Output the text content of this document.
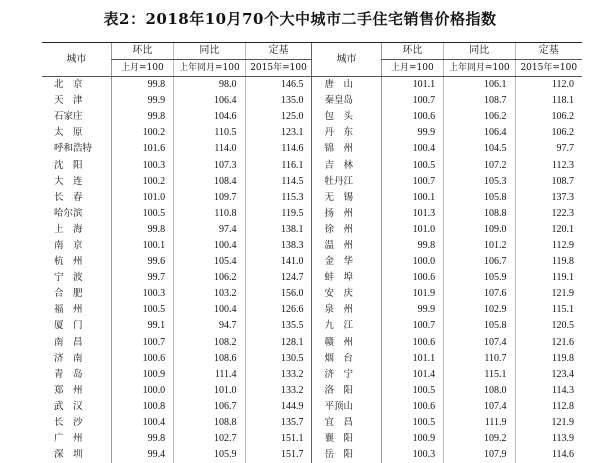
表2：2018年10月70个大中城市二手住宅销售价格指数
城市	环比	同比	定基	城市	环比	同比	定基
	上月=100	上年同月=100	2015年=100		上月=100	上年同月=100	2015年=100
北　京	99.8	98.0	146.5	唐　山	101.1	106.1	112.0
天　津	99.9	106.4	135.0	秦皇岛	100.7	108.7	118.1
石家庄	99.8	104.6	125.0	包　头	100.6	106.2	106.2
太　原	100.2	110.5	123.1	丹　东	99.9	106.4	106.2
呼和浩特	101.6	114.0	114.6	锦　州	100.4	104.5	97.7
沈　阳	100.3	107.3	116.1	吉　林	100.5	107.2	112.3
大　连	100.2	108.4	114.5	牡丹江	100.7	105.3	108.7
长　春	101.0	109.7	115.3	无　锡	100.1	105.8	137.3
哈尔滨	100.5	110.8	119.5	扬　州	101.3	108.8	122.3
上　海	99.8	97.4	138.1	徐　州	101.0	109.0	120.1
南　京	100.1	100.4	138.3	温　州	99.8	101.2	112.9
杭　州	99.6	105.4	141.0	金　华	100.0	106.7	119.8
宁　波	99.7	106.2	124.7	蚌　埠	100.6	105.9	119.1
合　肥	100.3	103.2	156.0	安　庆	101.9	107.6	121.9
福　州	100.5	100.4	126.6	泉　州	99.9	102.9	115.1
厦　门	99.1	94.7	135.5	九　江	100.7	105.8	120.5
南　昌	100.7	108.2	128.1	赣　州	100.6	107.4	121.6
济　南	100.6	108.6	130.5	烟　台	101.1	110.7	119.8
青　岛	100.9	111.4	133.2	济　宁	101.4	115.1	123.4
郑　州	100.0	101.0	133.2	洛　阳	100.5	108.0	114.3
武　汉	100.8	106.7	144.9	平顶山	100.6	107.4	112.8
长　沙	100.4	108.8	135.7	宜　昌	100.5	111.9	121.9
广　州	99.8	102.7	151.1	襄　阳	100.9	109.2	113.9
深　圳	99.4	105.9	151.7	岳　阳	100.3	107.9	114.6
